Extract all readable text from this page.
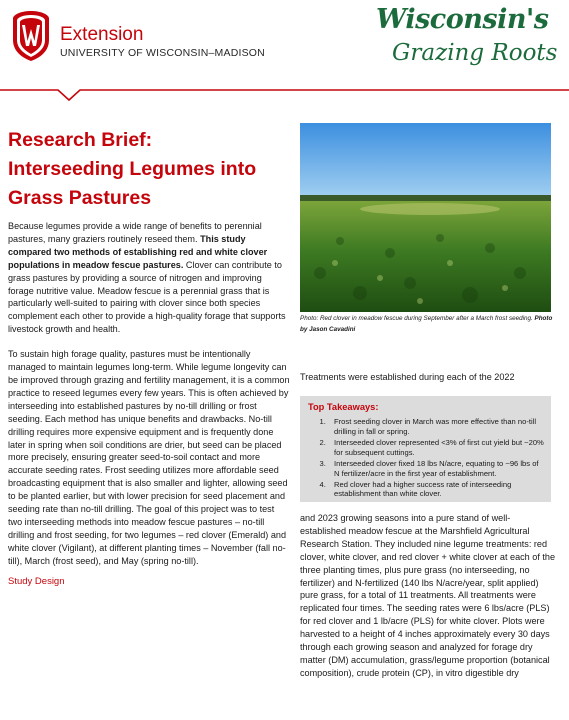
Extension
UNIVERSITY OF WISCONSIN–MADISON
Wisconsin's
Grazing Roots
Research Brief:
Interseeding Legumes into
Grass Pastures

Because legumes provide a wide range of benefits to perennial pastures, many graziers routinely reseed them. This study compared two methods of establishing red and white clover populations in meadow fescue pastures. Clover can contribute to grass pastures by providing a source of nitrogen and improving forage nutritive value. Meadow fescue is a perennial grass that is particularly well-suited to pairing with clover since both species complement each other to provide a high-quality forage that supports livestock growth and health.

To sustain high forage quality, pastures must be intentionally managed to maintain legumes long-term. While legume longevity can be improved through grazing and fertility management, it is a common practice to reseed legumes every few years. This is often achieved by interseeding into established pastures by no-till drilling or frost seeding. Each method has unique benefits and drawbacks. No-till drilling requires more expensive equipment and is frequently done later in spring when soil conditions are drier, but seed can be placed more precisely, ensuring greater seed-to-soil contact and more accurate seeding rates. Frost seeding utilizes more affordable seed broadcasting equipment that is also smaller and lighter, allowing seed to be planted earlier, but with lower precision for seed placement and seeding rate than no-till drilling. The goal of this project was to test two interseeding methods into meadow fescue pastures – no-till drilling and frost seeding, for two legumes – red clover (Emerald) and white clover (Vigilant), at different planting times – November (fall no-till), March (frost seed), and May (spring no-till).

Study Design
Photo: Red clover in meadow fescue during September after a March frost seeding. Photo by Jason Cavadini
Treatments were established during each of the 2022
Top Takeaways:
1. Frost seeding clover in March was more effective than no-till drilling in fall or spring.
2. Interseeded clover represented <3% of first cut yield but ~20% for subsequent cuttings.
3. Interseeded clover fixed 18 lbs N/acre, equating to ~96 lbs of N fertilizer/acre in the first year of establishment.
4. Red clover had a higher success rate of interseeding establishment than white clover.

and 2023 growing seasons into a pure stand of well-established meadow fescue at the Marshfield Agricultural Research Station. They included nine legume treatments: red clover, white clover, and red clover + white clover at each of the three planting times, plus pure grass (no interseeding, no fertilizer) and N-fertilized (140 lbs N/acre/year, split applied) pure grass, for a total of 11 treatments. All treatments were replicated four times. The seeding rates were 6 lbs/acre (PLS) for red clover and 1 lb/acre (PLS) for white clover. Plots were harvested to a height of 4 inches approximately every 30 days through each growing season and analyzed for forage dry matter (DM) accumulation, grass/legume proportion (botanical composition), crude protein (CP), in vitro digestible dry
